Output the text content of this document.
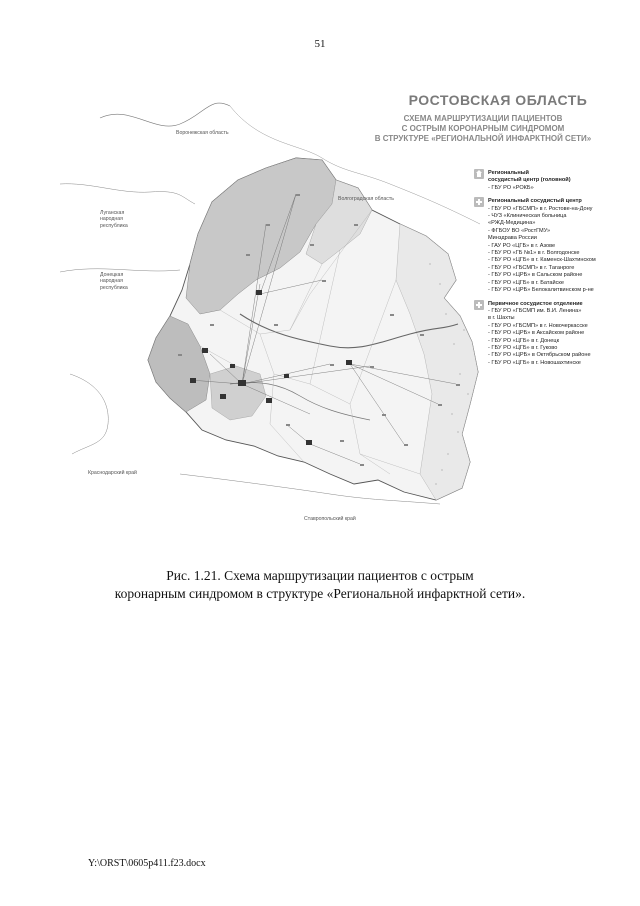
51
РОСТОВСКАЯ ОБЛАСТЬ
СХЕМА МАРШРУТИЗАЦИИ ПАЦИЕНТОВ
С ОСТРЫМ КОРОНАРНЫМ СИНДРОМОМ
В СТРУКТУРЕ «РЕГИОНАЛЬНОЙ ИНФАРКТНОЙ СЕТИ»
Воронежская область
Волгоградская область
Луганская
народная
республика
Донецкая
народная
республика
Краснодарский край
Ставропольский край
Региональный
сосудистый центр (головной)
- ГБУ РО «РОКБ»
Региональный сосудистый центр
- ГБУ РО «ГБСМП» в г. Ростове-на-Дону
- ЧУЗ «Клиническая больница
«РЖД-Медицина»
- ФГБОУ ВО «РостГМУ»
Минздрава России
- ГАУ РО «ЦГБ» в г. Азове
- ГБУ РО «ГБ №1» в г. Волгодонске
- ГБУ РО «ЦГБ» в г. Каменск-Шахтинском
- ГБУ РО «ГБСМП» в г. Таганроге
- ГБУ РО «ЦРБ» в Сальском районе
- ГБУ РО «ЦГБ» в г. Батайске
- ГБУ РО «ЦРБ» Белокалитвинском р-не
Первичное сосудистое отделение
- ГБУ РО «ГБСМП им. В.И. Ленина»
в г. Шахты
- ГБУ РО «ГБСМП» в г. Новочеркасске
- ГБУ РО «ЦРБ» в Аксайском районе
- ГБУ РО «ЦГБ» в г. Донецк
- ГБУ РО «ЦГБ» в г. Гуково
- ГБУ РО «ЦРБ» в Октябрьском районе
- ГБУ РО «ЦГБ» в г. Новошахтинске
Рис. 1.21. Схема маршрутизации пациентов с острым
коронарным синдромом в структуре «Региональной инфарктной сети».
Y:\ORST\0605p411.f23.docx
